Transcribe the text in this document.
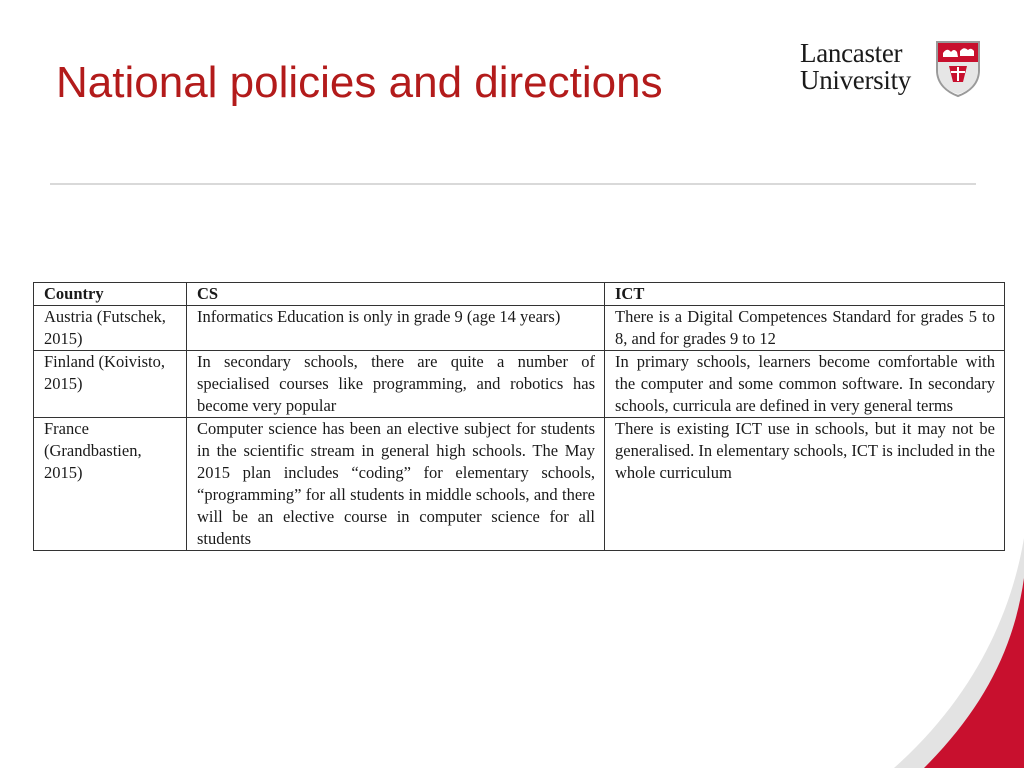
National policies and directions
Lancaster
University
Country	CS	ICT
Austria (Futschek, 2015)	Informatics Education is only in grade 9 (age 14 years)	There is a Digital Competences Standard for grades 5 to 8, and for grades 9 to 12
Finland (Koivisto, 2015)	In secondary schools, there are quite a number of specialised courses like programming, and robotics has become very popular	In primary schools, learners become comfortable with the computer and some common software. In secondary schools, curricula are defined in very general terms
France (Grandbastien, 2015)	Computer science has been an elective subject for students in the scientific stream in general high schools. The May 2015 plan includes “coding” for elementary schools, “programming” for all students in middle schools, and there will be an elective course in computer science for all students	There is existing ICT use in schools, but it may not be generalised. In elementary schools, ICT is included in the whole curriculum
